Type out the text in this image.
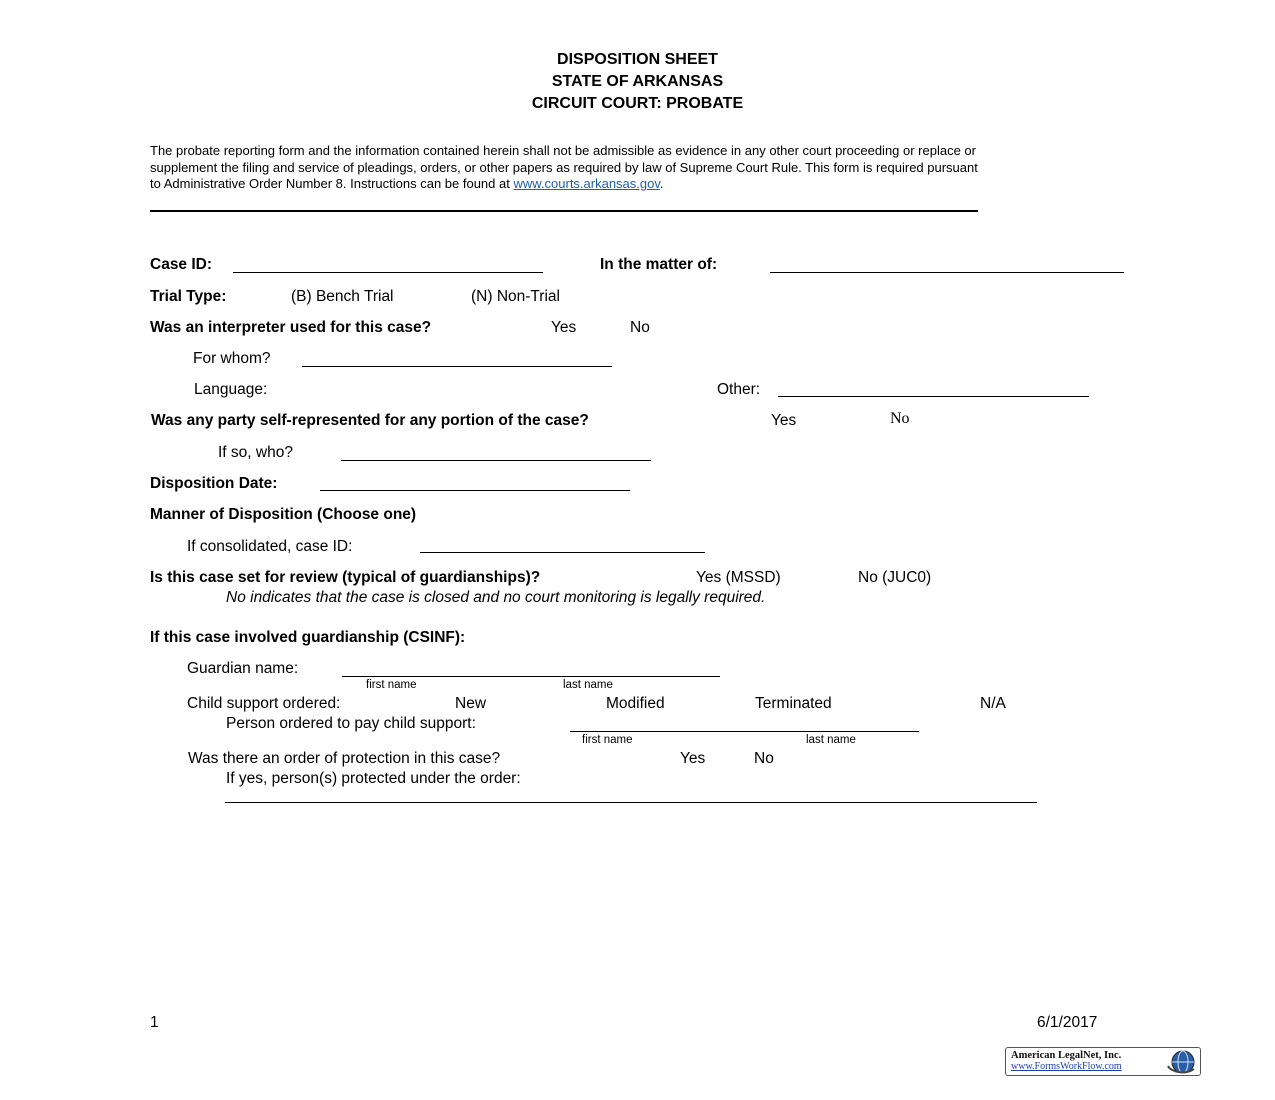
DISPOSITION SHEET
STATE OF ARKANSAS
CIRCUIT COURT: PROBATE
The probate reporting form and the information contained herein shall not be admissible as evidence in any other court proceeding or replace or supplement the filing and service of pleadings, orders, or other papers as required by law of Supreme Court Rule. This form is required pursuant to Administrative Order Number 8. Instructions can be found at www.courts.arkansas.gov.
Case ID:	In the matter of:
Trial Type:	(B) Bench Trial	(N) Non-Trial
Was an interpreter used for this case?	Yes	No
For whom?
Language:	Other:
Was any party self-represented for any portion of the case?	Yes	No
If so, who?
Disposition Date:
Manner of Disposition (Choose one)
If consolidated, case ID:
Is this case set for review (typical of guardianships)?	Yes (MSSD)	No (JUC0)
No indicates that the case is closed and no court monitoring is legally required.
If this case involved guardianship (CSINF):
Guardian name:
first name	last name
Child support ordered:	New	Modified	Terminated	N/A
Person ordered to pay child support:
first name	last name
Was there an order of protection in this case?	Yes	No
If yes, person(s) protected under the order:
1	6/1/2017
American LegalNet, Inc.
www.FormsWorkFlow.com
